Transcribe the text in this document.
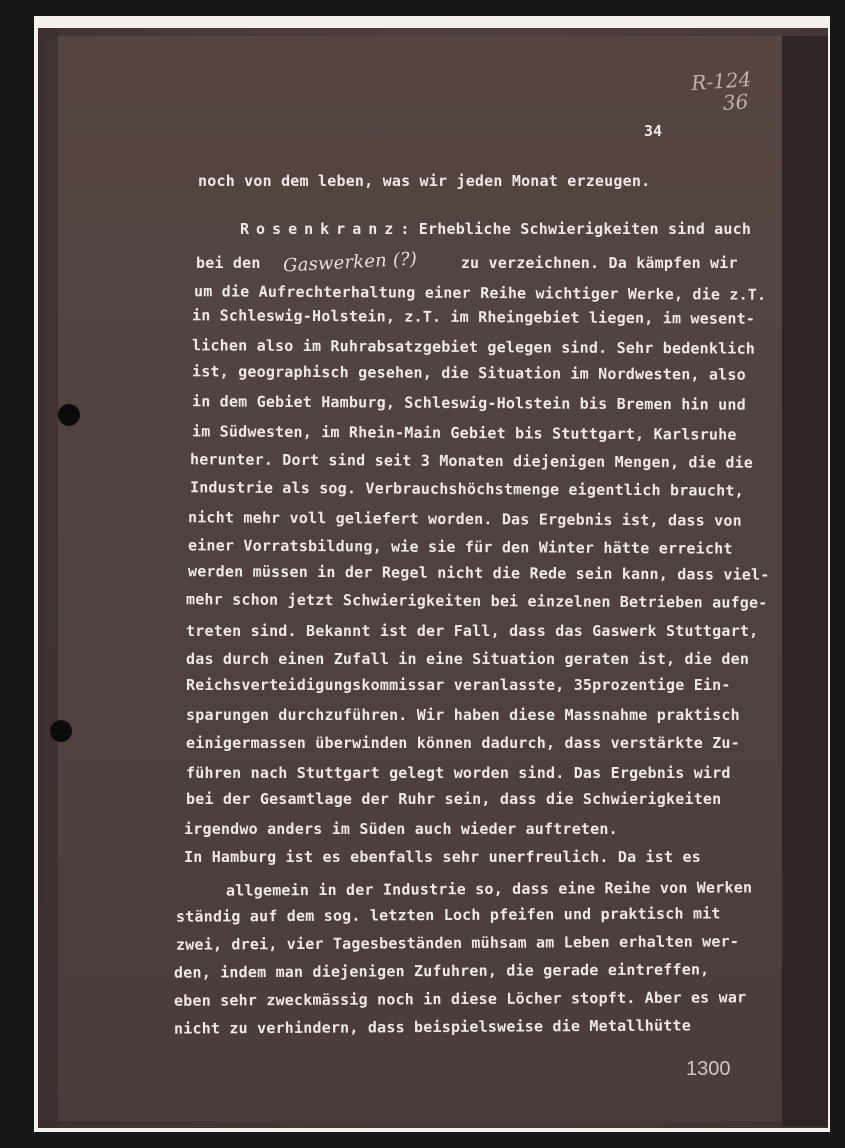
R-124
36
34
noch von dem leben, was wir jeden Monat erzeugen.
Rosenkranz: Erhebliche Schwierigkeiten sind auch
bei den Gaswerken (?)	zu verzeichnen. Da kämpfen wir
um die Aufrechterhaltung einer Reihe wichtiger Werke, die z.T.
in Schleswig-Holstein, z.T. im Rheingebiet liegen, im wesent-
lichen also im Ruhrabsatzgebiet gelegen sind. Sehr bedenklich
ist, geographisch gesehen, die Situation im Nordwesten, also
in dem Gebiet Hamburg, Schleswig-Holstein bis Bremen hin und
im Südwesten, im Rhein-Main Gebiet bis Stuttgart, Karlsruhe
herunter. Dort sind seit 3 Monaten diejenigen Mengen, die die
Industrie als sog. Verbrauchshöchstmenge eigentlich braucht,
nicht mehr voll geliefert worden. Das Ergebnis ist, dass von
einer Vorratsbildung, wie sie für den Winter hätte erreicht
werden müssen in der Regel nicht die Rede sein kann, dass viel-
mehr schon jetzt Schwierigkeiten bei einzelnen Betrieben aufge-
treten sind. Bekannt ist der Fall, dass das Gaswerk Stuttgart,
das durch einen Zufall in eine Situation geraten ist, die den
Reichsverteidigungskommissar veranlasste, 35prozentige Ein-
sparungen durchzuführen. Wir haben diese Massnahme praktisch
einigermassen überwinden können dadurch, dass verstärkte Zu-
führen nach Stuttgart gelegt worden sind. Das Ergebnis wird
bei der Gesamtlage der Ruhr sein, dass die Schwierigkeiten
irgendwo anders im Süden auch wieder auftreten.
In Hamburg ist es ebenfalls sehr unerfreulich. Da ist es
allgemein in der Industrie so, dass eine Reihe von Werken
ständig auf dem sog. letzten Loch pfeifen und praktisch mit
zwei, drei, vier Tagesbeständen mühsam am Leben erhalten wer-
den, indem man diejenigen Zufuhren, die gerade eintreffen,
eben sehr zweckmässig noch in diese Löcher stopft. Aber es war
nicht zu verhindern, dass beispielsweise die Metallhütte
1300
